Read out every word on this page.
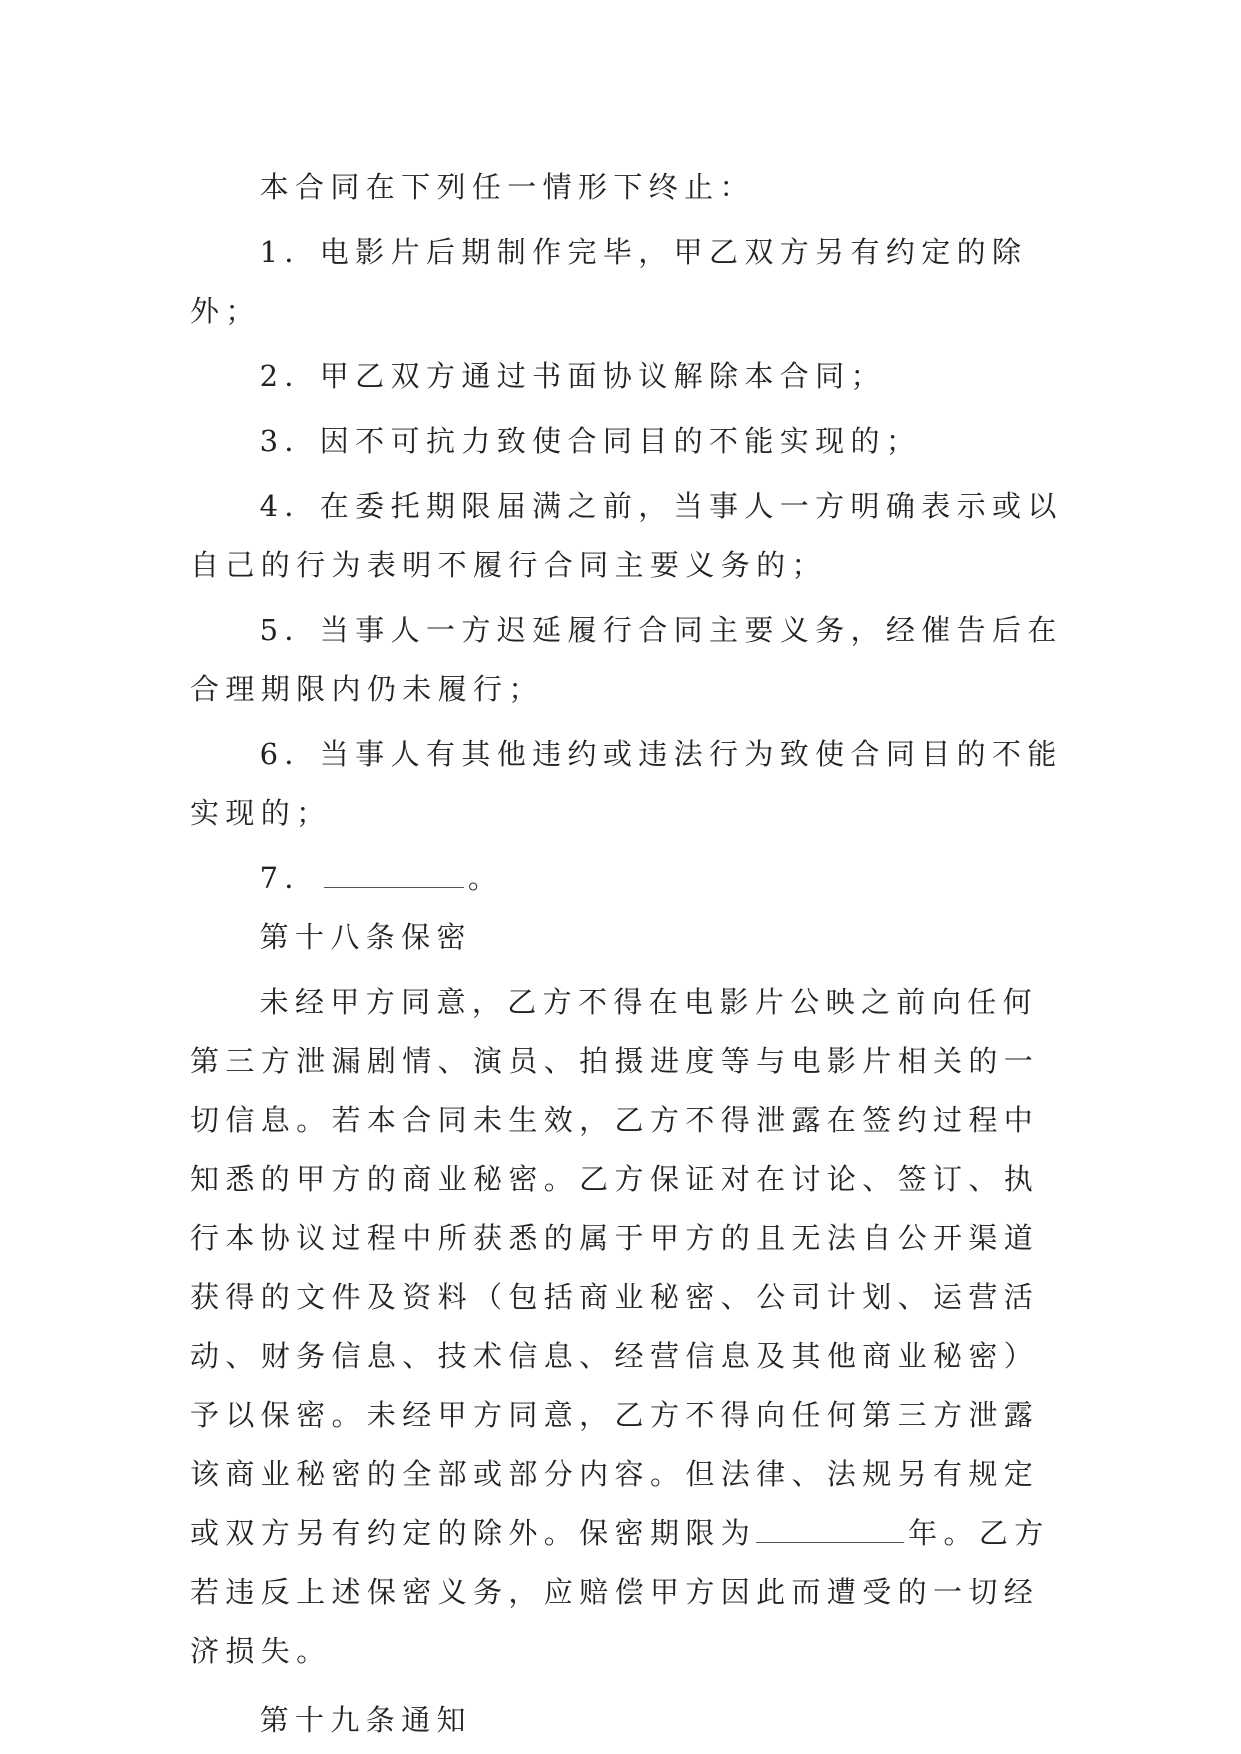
本合同在下列任一情形下终止：

1．电影片后期制作完毕，甲乙双方另有约定的除外；

2．甲乙双方通过书面协议解除本合同；

3．因不可抗力致使合同目的不能实现的；

4．在委托期限届满之前，当事人一方明确表示或以自己的行为表明不履行合同主要义务的；

5．当事人一方迟延履行合同主要义务，经催告后在合理期限内仍未履行；

6．当事人有其他违约或违法行为致使合同目的不能实现的；

7．	。

第十八条保密

未经甲方同意，乙方不得在电影片公映之前向任何第三方泄漏剧情、演员、拍摄进度等与电影片相关的一切信息。若本合同未生效，乙方不得泄露在签约过程中知悉的甲方的商业秘密。乙方保证对在讨论、签订、执行本协议过程中所获悉的属于甲方的且无法自公开渠道获得的文件及资料（包括商业秘密、公司计划、运营活动、财务信息、技术信息、经营信息及其他商业秘密）予以保密。未经甲方同意，乙方不得向任何第三方泄露该商业秘密的全部或部分内容。但法律、法规另有规定或双方另有约定的除外。保密期限为	年。乙方若违反上述保密义务，应赔偿甲方因此而遭受的一切经济损失。

第十九条通知
